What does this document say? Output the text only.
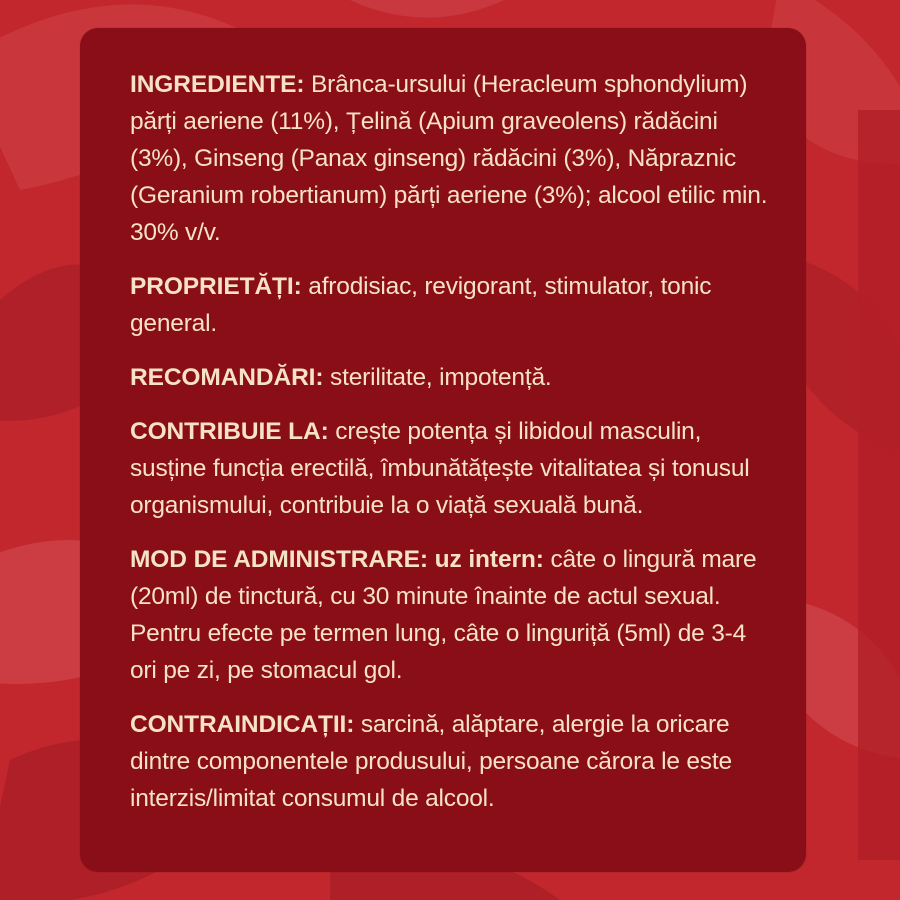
INGREDIENTE: Brânca-ursului (Heracleum sphondylium) părți aeriene (11%), Țelină (Apium graveolens) rădăcini (3%), Ginseng (Panax ginseng) rădăcini (3%), Năpraznic (Geranium robertianum) părți aeriene (3%); alcool etilic min. 30% v/v.

PROPRIETĂȚI: afrodisiac, revigorant, stimulator, tonic general.

RECOMANDĂRI: sterilitate, impotență.

CONTRIBUIE LA: crește potența și libidoul masculin, susține funcția erectilă, îmbunătățește vitalitatea și tonusul organismului, contribuie la o viață sexuală bună.

MOD DE ADMINISTRARE: uz intern: câte o lingură mare (20ml) de tinctură, cu 30 minute înainte de actul sexual. Pentru efecte pe termen lung, câte o linguriță (5ml) de 3-4 ori pe zi, pe stomacul gol.

CONTRAINDICAȚII: sarcină, alăptare, alergie la oricare dintre componentele produsului, persoane cărora le este interzis/limitat consumul de alcool.
